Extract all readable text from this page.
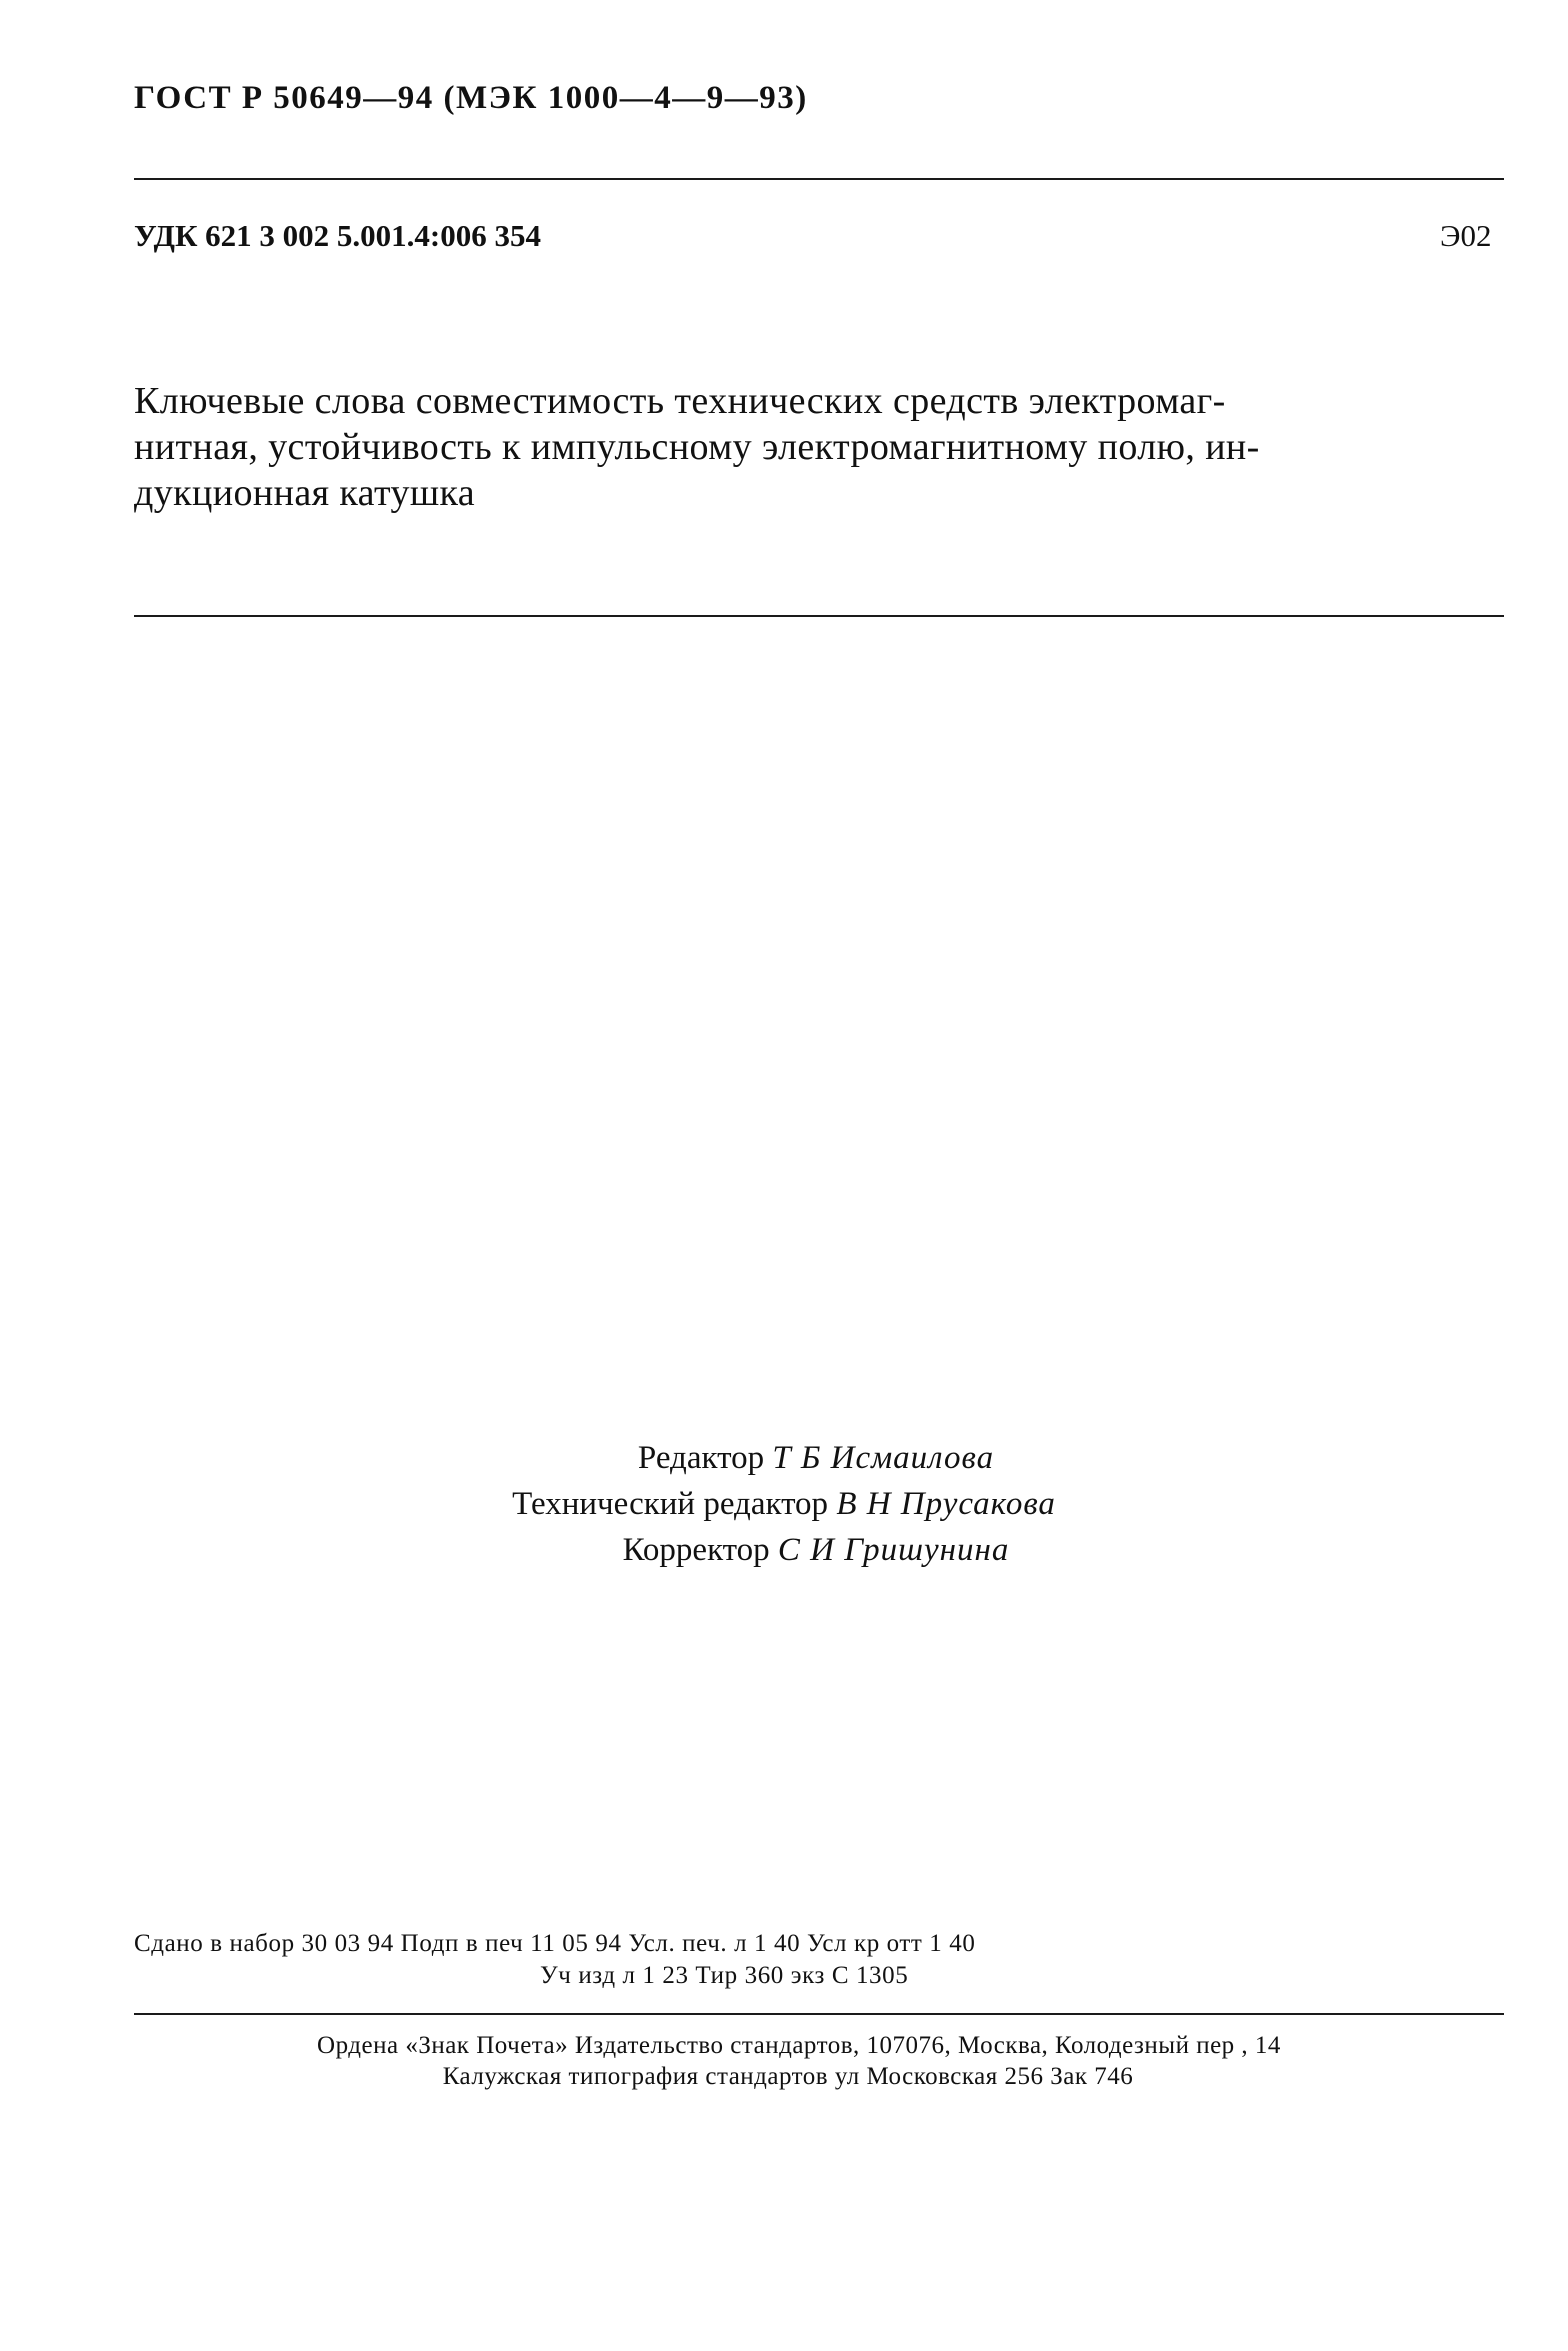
ГОСТ Р 50649—94 (МЭК 1000—4—9—93)
УДК 621 3 002 5.001.4:006 354	Э02
Ключевые слова совместимость технических средств электромаг-
нитная, устойчивость к импульсному электромагнитному полю, ин-
дукционная катушка
Редактор Т Б Исмаилова
Технический редактор В Н Прусакова
Корректор С И Гришунина
Сдано в набор 30 03 94 Подп в печ 11 05 94 Усл. печ. л 1 40 Усл кр отт 1 40
Уч изд л 1 23 Тир 360 экз С 1305
Ордена «Знак Почета» Издательство стандартов, 107076, Москва, Колодезный пер , 14
Калужская типография стандартов ул Московская 256 Зак 746
